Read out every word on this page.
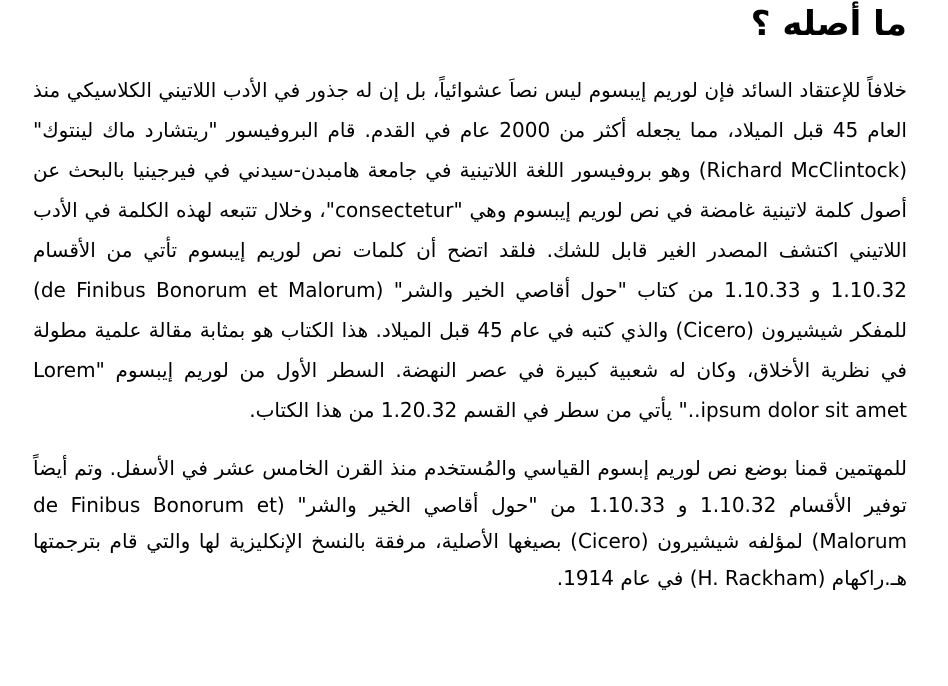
ما أصله ؟

خلافاً للإعتقاد السائد فإن لوريم إيبسوم ليس نصاَ عشوائياً، بل إن له جذور في الأدب اللاتيني الكلاسيكي منذ العام 45 قبل الميلاد، مما يجعله أكثر من 2000 عام في القدم. قام البروفيسور "ريتشارد ماك لينتوك" (Richard McClintock) وهو بروفيسور اللغة اللاتينية في جامعة هامبدن-سيدني في فيرجينيا بالبحث عن أصول كلمة لاتينية غامضة في نص لوريم إيبسوم وهي "consectetur"، وخلال تتبعه لهذه الكلمة في الأدب اللاتيني اكتشف المصدر الغير قابل للشك. فلقد اتضح أن كلمات نص لوريم إيبسوم تأتي من الأقسام 1.10.32 و 1.10.33 من كتاب "حول أقاصي الخير والشر" (de Finibus Bonorum et Malorum) للمفكر شيشيرون (Cicero) والذي كتبه في عام 45 قبل الميلاد. هذا الكتاب هو بمثابة مقالة علمية مطولة في نظرية الأخلاق، وكان له شعبية كبيرة في عصر النهضة. السطر الأول من لوريم إيبسوم "Lorem ipsum dolor sit amet.." يأتي من سطر في القسم 1.20.32 من هذا الكتاب.

للمهتمين قمنا بوضع نص لوريم إبسوم القياسي والمُستخدم منذ القرن الخامس عشر في الأسفل. وتم أيضاً توفير الأقسام 1.10.32 و 1.10.33 من "حول أقاصي الخير والشر" (de Finibus Bonorum et Malorum) لمؤلفه شيشيرون (Cicero) بصيغها الأصلية، مرفقة بالنسخ الإنكليزية لها والتي قام بترجمتها هـ.راكهام (H. Rackham) في عام 1914.
